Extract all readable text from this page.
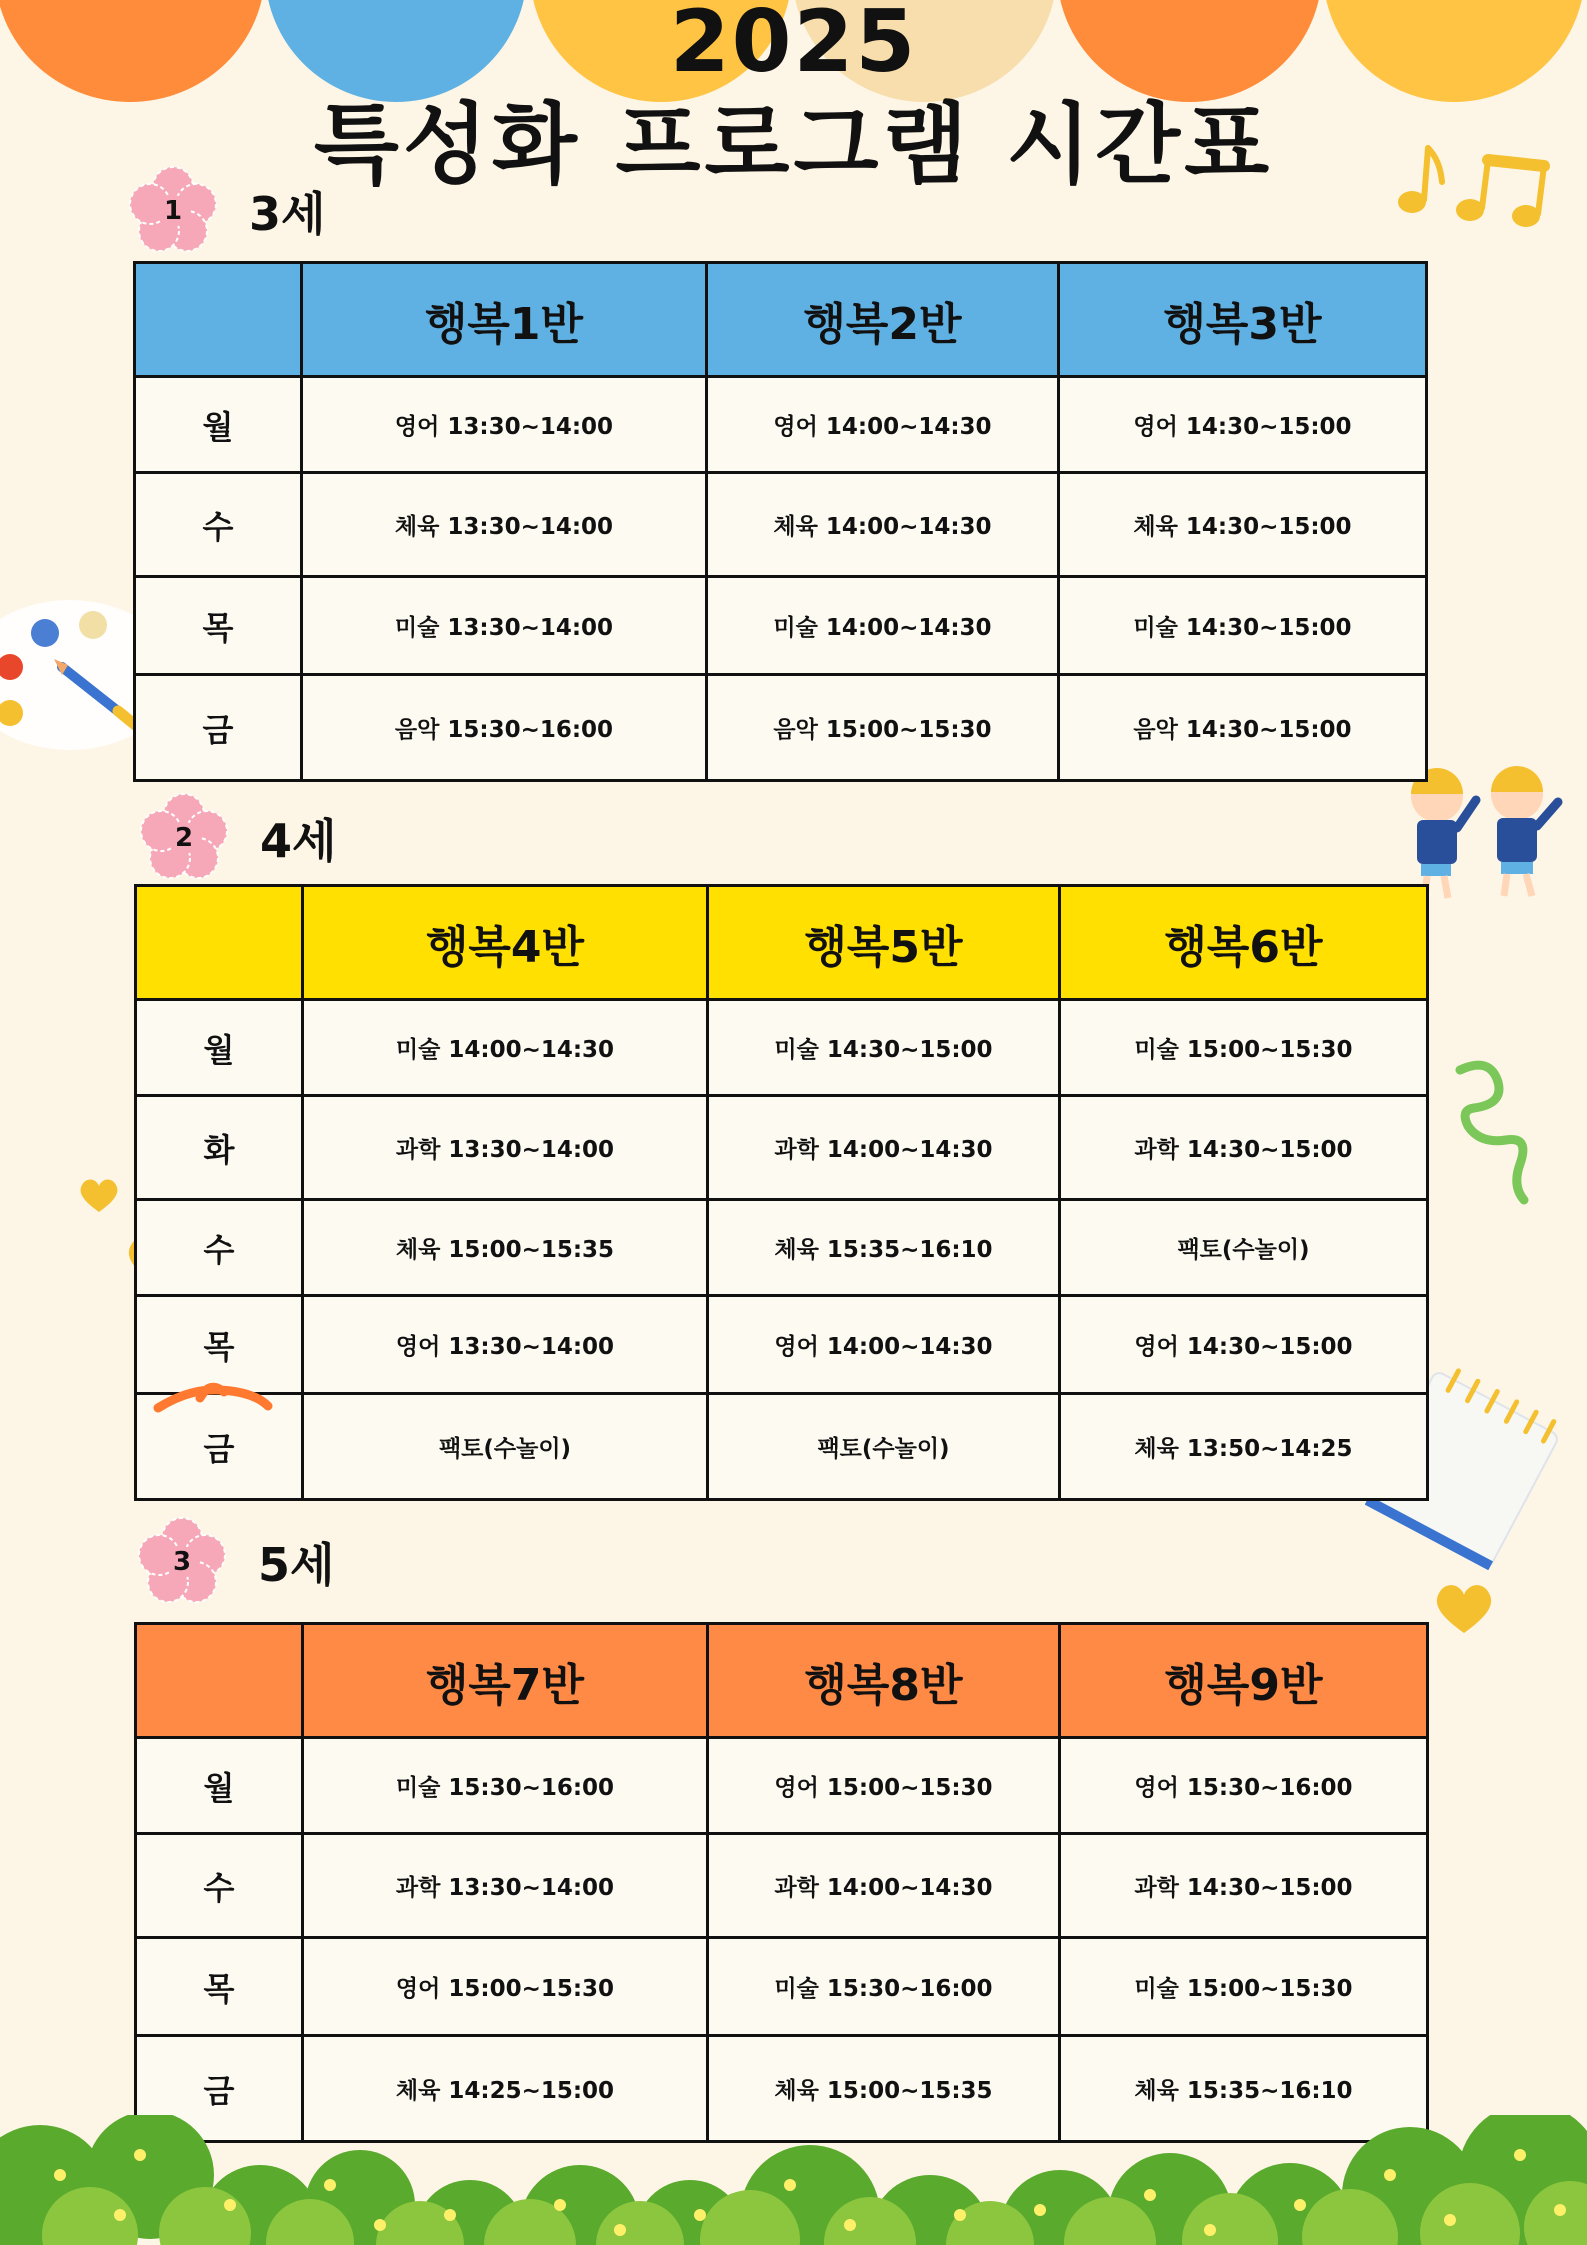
2025
특성화 프로그램 시간표
1	3세
	행복1반	행복2반	행복3반
월	영어 13:30~14:00	영어 14:00~14:30	영어 14:30~15:00
수	체육 13:30~14:00	체육 14:00~14:30	체육 14:30~15:00
목	미술 13:30~14:00	미술 14:00~14:30	미술 14:30~15:00
금	음악 15:30~16:00	음악 15:00~15:30	음악 14:30~15:00
2	4세
	행복4반	행복5반	행복6반
월	미술 14:00~14:30	미술 14:30~15:00	미술 15:00~15:30
화	과학 13:30~14:00	과학 14:00~14:30	과학 14:30~15:00
수	체육 15:00~15:35	체육 15:35~16:10	팩토(수놀이)
목	영어 13:30~14:00	영어 14:00~14:30	영어 14:30~15:00
금	팩토(수놀이)	팩토(수놀이)	체육 13:50~14:25
3	5세
	행복7반	행복8반	행복9반
월	미술 15:30~16:00	영어 15:00~15:30	영어 15:30~16:00
수	과학 13:30~14:00	과학 14:00~14:30	과학 14:30~15:00
목	영어 15:00~15:30	미술 15:30~16:00	미술 15:00~15:30
금	체육 14:25~15:00	체육 15:00~15:35	체육 15:35~16:10
